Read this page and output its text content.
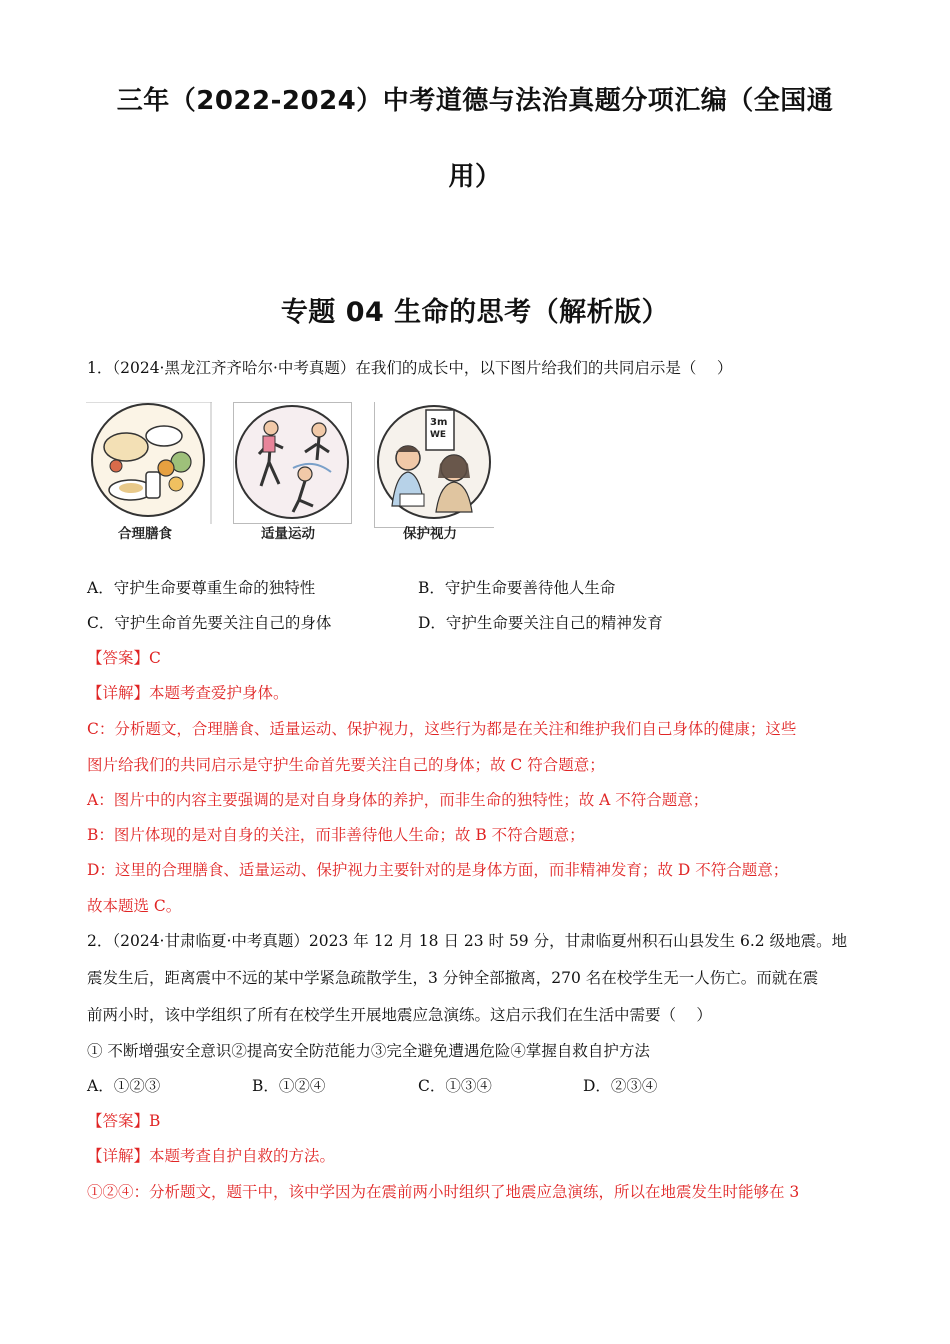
三年（2022-2024）中考道德与法治真题分项汇编（全国通
用）
专题 04 生命的思考（解析版）
1．（2024·黑龙江齐齐哈尔·中考真题）在我们的成长中，以下图片给我们的共同启示是（　 ）
合理膳食	适量运动
3m
WE
保护视力
A．守护生命要尊重生命的独特性	B．守护生命要善待他人生命
C．守护生命首先要关注自己的身体	D．守护生命要关注自己的精神发育
【答案】C
【详解】本题考查爱护身体。
C：分析题文，合理膳食、适量运动、保护视力，这些行为都是在关注和维护我们自己身体的健康；这些
图片给我们的共同启示是守护生命首先要关注自己的身体；故 C 符合题意；
A：图片中的内容主要强调的是对自身身体的养护，而非生命的独特性；故 A 不符合题意；
B：图片体现的是对自身的关注，而非善待他人生命；故 B 不符合题意；
D：这里的合理膳食、适量运动、保护视力主要针对的是身体方面，而非精神发育；故 D 不符合题意；
故本题选 C。
2．（2024·甘肃临夏·中考真题）2023 年 12 月 18 日 23 时 59 分，甘肃临夏州积石山县发生 6.2 级地震。地
震发生后，距离震中不远的某中学紧急疏散学生，3 分钟全部撤离，270 名在校学生无一人伤亡。而就在震
前两小时，该中学组织了所有在校学生开展地震应急演练。这启示我们在生活中需要（　 ）
① 不断增强安全意识②提高安全防范能力③完全避免遭遇危险④掌握自救自护方法
A．①②③	B．①②④	C．①③④	D．②③④
【答案】B
【详解】本题考查自护自救的方法。
①②④：分析题文，题干中，该中学因为在震前两小时组织了地震应急演练，所以在地震发生时能够在 3
